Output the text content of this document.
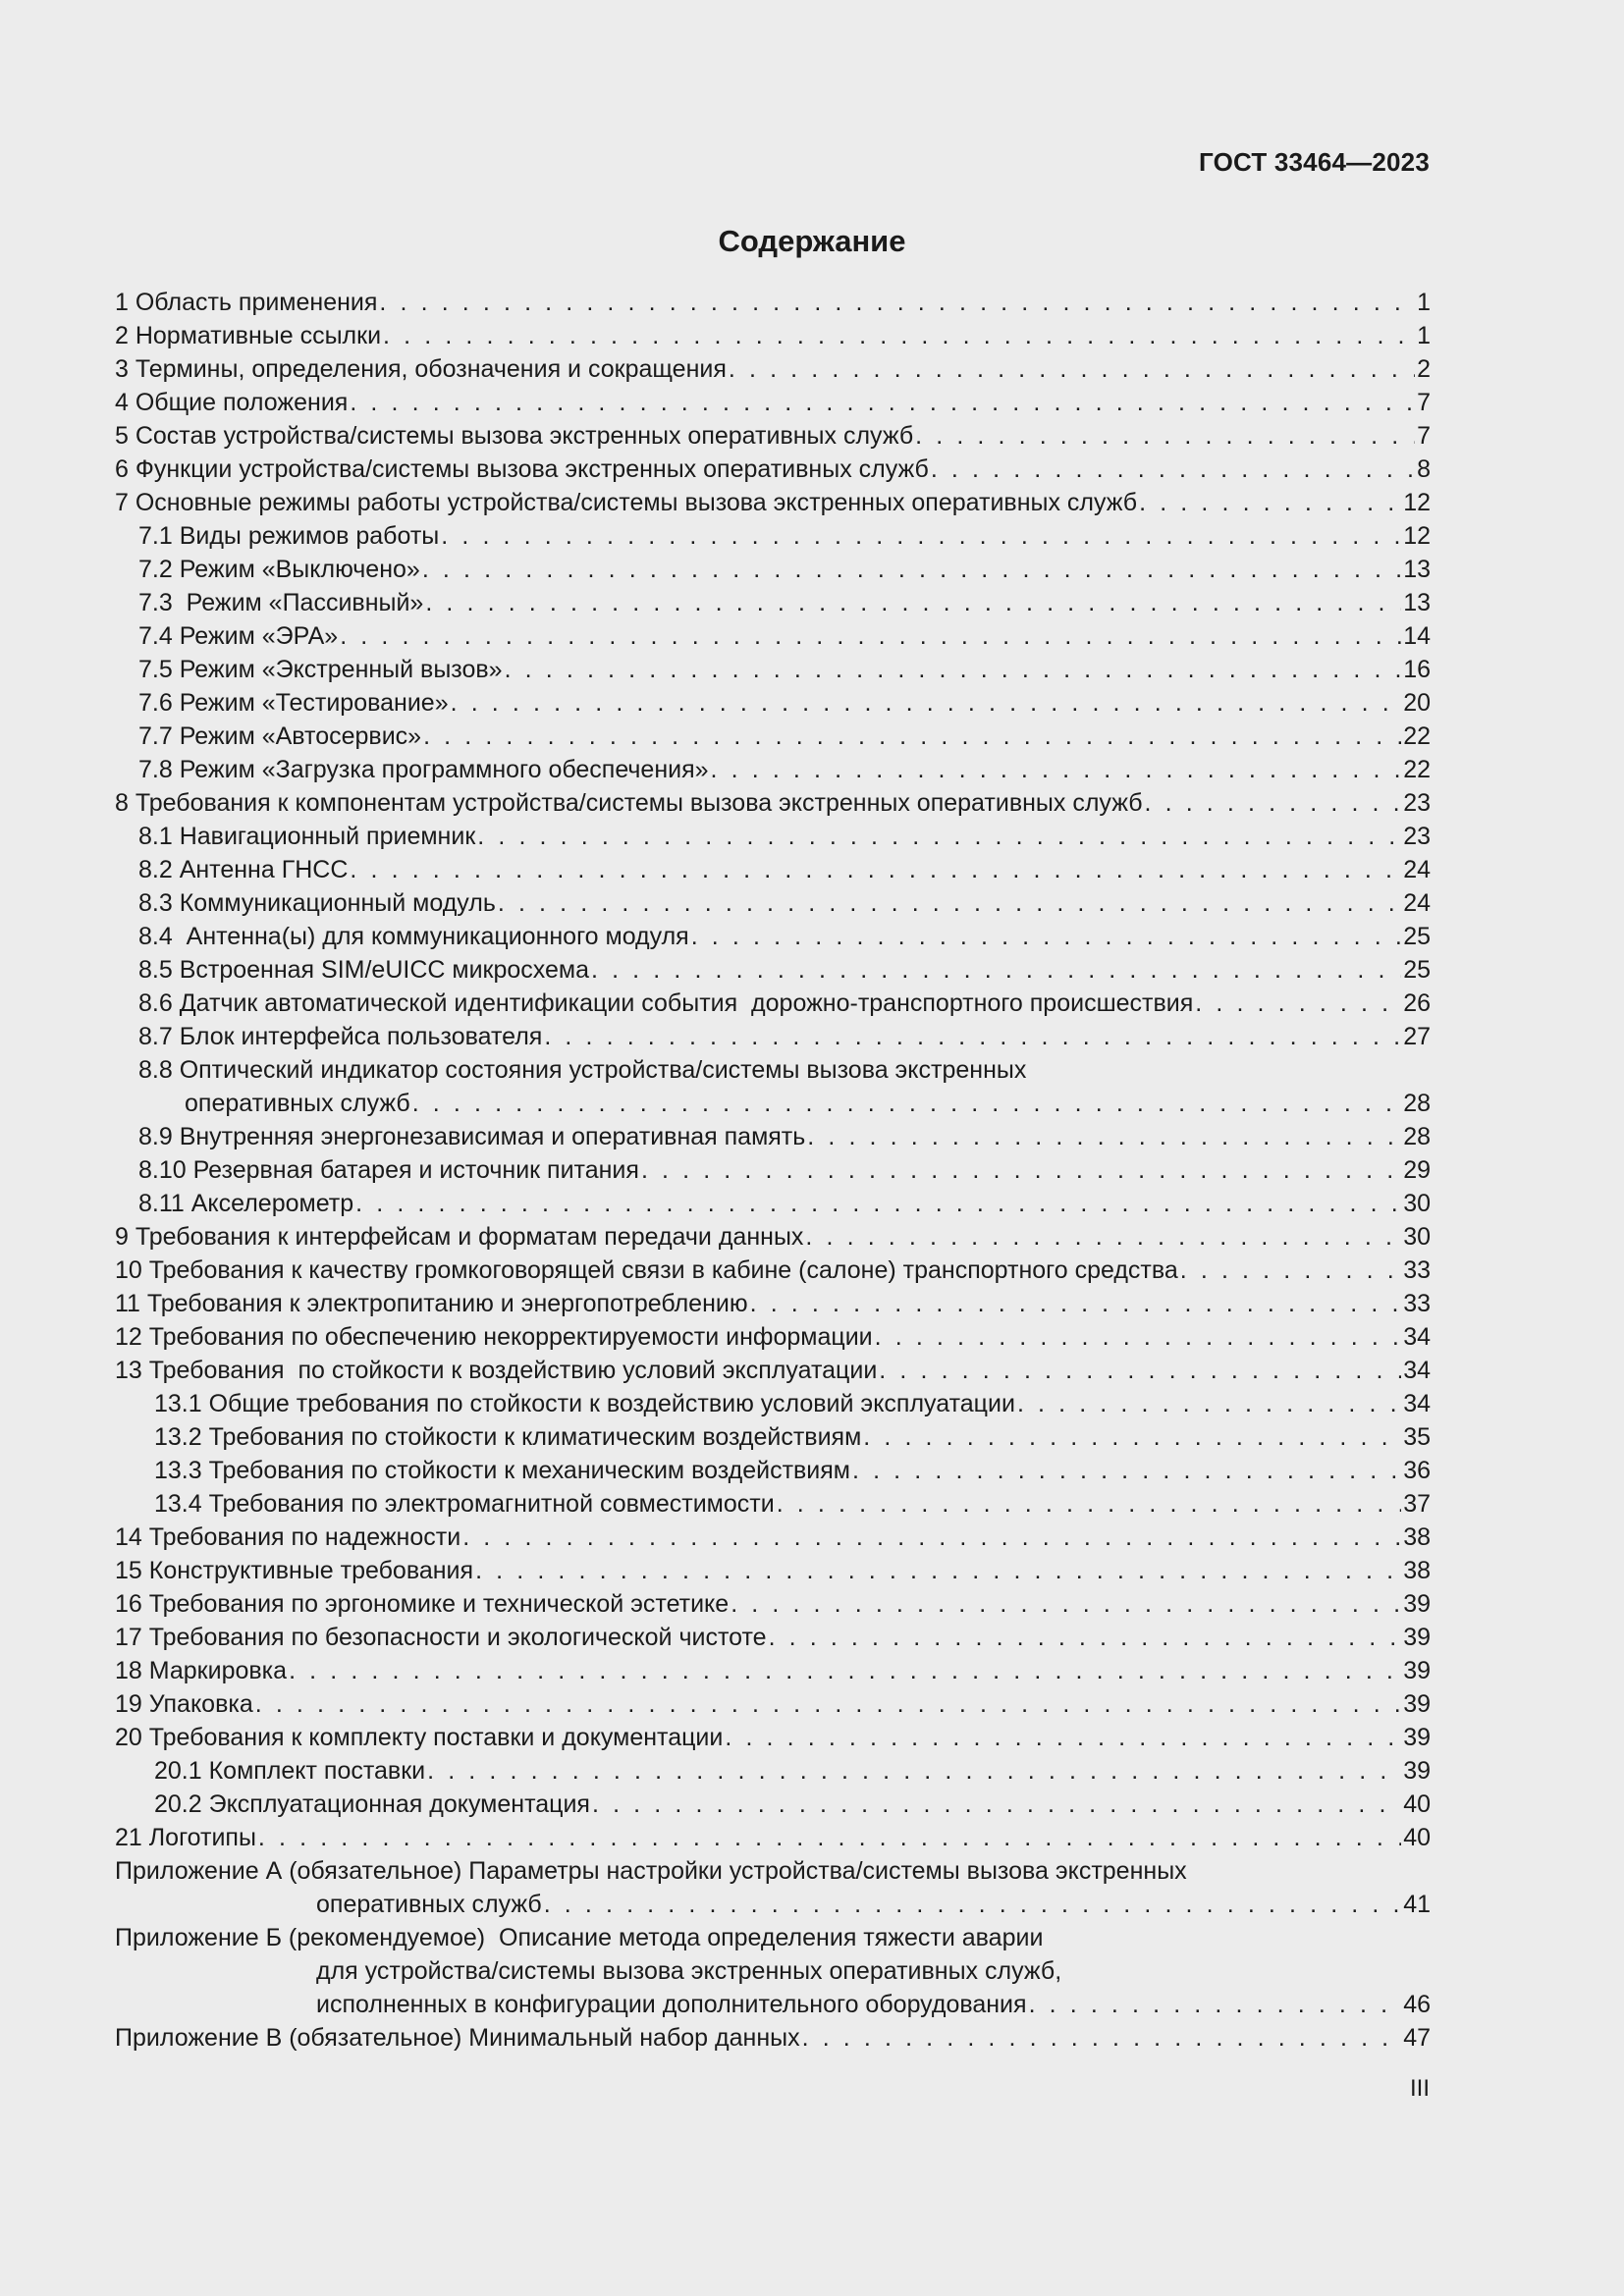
ГОСТ 33464—2023
Содержание
1 Область применения . . .	1
2 Нормативные ссылки . . .	1
3 Термины, определения, обозначения и сокращения . . .	2
4 Общие положения . . .	7
5 Состав устройства/системы вызова экстренных оперативных служб . . .	7
6 Функции устройства/системы вызова экстренных оперативных служб . . .	8
7 Основные режимы работы устройства/системы вызова экстренных оперативных служб . . .	12
7.1 Виды режимов работы . . .	12
7.2 Режим «Выключено» . . .	13
7.3  Режим «Пассивный» . . .	13
7.4 Режим «ЭРА» . . .	14
7.5 Режим «Экстренный вызов» . . .	16
7.6 Режим «Тестирование» . . .	20
7.7 Режим «Автосервис» . . .	22
7.8 Режим «Загрузка программного обеспечения» . . .	22
8 Требования к компонентам устройства/системы вызова экстренных оперативных служб . . .	23
8.1 Навигационный приемник . . .	23
8.2 Антенна ГНСС . . .	24
8.3 Коммуникационный модуль . . .	24
8.4  Антенна(ы) для коммуникационного модуля . . .	25
8.5 Встроенная SIM/eUICC микросхема . . .	25
8.6 Датчик автоматической идентификации события  дорожно-транспортного происшествия . . .	26
8.7 Блок интерфейса пользователя . . .	27
8.8 Оптический индикатор состояния устройства/системы вызова экстренных
оперативных служб . . .	28
8.9 Внутренняя энергонезависимая и оперативная память . . .	28
8.10 Резервная батарея и источник питания . . .	29
8.11 Акселерометр . . .	30
9 Требования к интерфейсам и форматам передачи данных . . .	30
10 Требования к качеству громкоговорящей связи в кабине (салоне) транспортного средства . . .	33
11 Требования к электропитанию и энергопотреблению . . .	33
12 Требования по обеспечению некорректируемости информации . . .	34
13 Требования  по стойкости к воздействию условий эксплуатации . . .	34
13.1 Общие требования по стойкости к воздействию условий эксплуатации . . .	34
13.2 Требования по стойкости к климатическим воздействиям . . .	35
13.3 Требования по стойкости к механическим воздействиям . . .	36
13.4 Требования по электромагнитной совместимости . . .	37
14 Требования по надежности . . .	38
15 Конструктивные требования . . .	38
16 Требования по эргономике и технической эстетике . . .	39
17 Требования по безопасности и экологической чистоте . . .	39
18 Маркировка . . .	39
19 Упаковка . . .	39
20 Требования к комплекту поставки и документации . . .	39
20.1 Комплект поставки . . .	39
20.2 Эксплуатационная документация . . .	40
21 Логотипы . . .	40
Приложение А (обязательное) Параметры настройки устройства/системы вызова экстренных
оперативных служб . . .	41
Приложение Б (рекомендуемое)  Описание метода определения тяжести аварии
для устройства/системы вызова экстренных оперативных служб,
исполненных в конфигурации дополнительного оборудования . . .	46
Приложение В (обязательное) Минимальный набор данных . . .	47
III
